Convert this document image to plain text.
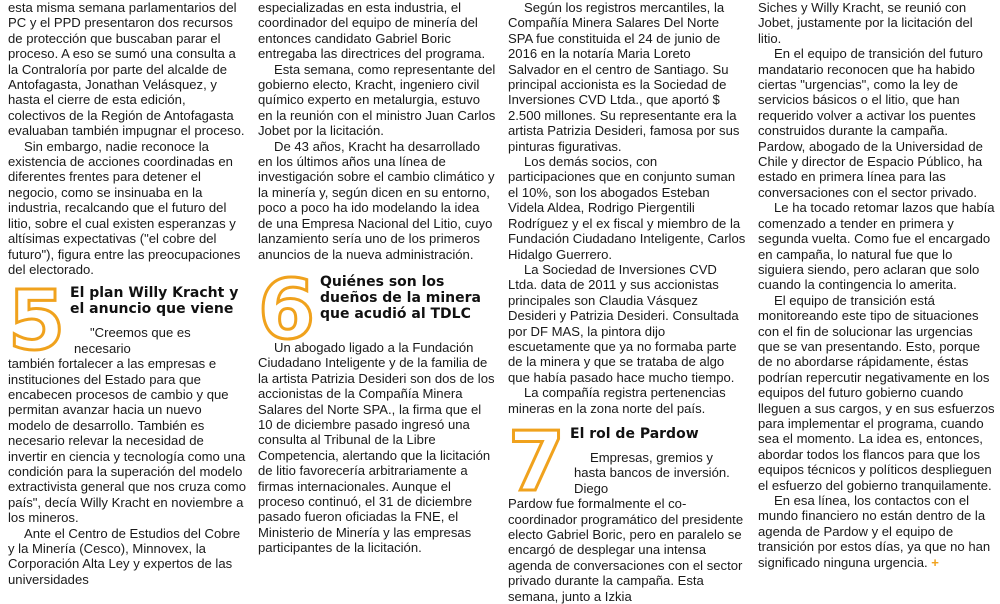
esta misma semana parlamentarios del PC y el PPD presentaron dos recursos de protección que buscaban parar el proceso. A eso se sumó una consulta a la Contraloría por parte del alcalde de Antofagasta, Jonathan Velásquez, y hasta el cierre de esta edición, colectivos de la Región de Antofagasta evaluaban también impugnar el proceso.

Sin embargo, nadie reconoce la existencia de acciones coordinadas en diferentes frentes para detener el negocio, como se insinuaba en la industria, recalcando que el futuro del litio, sobre el cual existen esperanzas y altísimas expectativas ("el cobre del futuro"), figura entre las preocupaciones del electorado.

5 El plan Willy Kracht y el anuncio que viene

"Creemos que es necesario

también fortalecer a las empresas e instituciones del Estado para que encabecen procesos de cambio y que permitan avanzar hacia un nuevo modelo de desarrollo. También es necesario relevar la necesidad de invertir en ciencia y tecnología como una condición para la superación del modelo extractivista general que nos cruza como país", decía Willy Kracht en noviembre a los mineros.

Ante el Centro de Estudios del Cobre y la Minería (Cesco), Minnovex, la Corporación Alta Ley y expertos de las universidades

especializadas en esta industria, el coordinador del equipo de minería del entonces candidato Gabriel Boric entregaba las directrices del programa.

Esta semana, como representante del gobierno electo, Kracht, ingeniero civil químico experto en metalurgia, estuvo en la reunión con el ministro Juan Carlos Jobet por la licitación.

De 43 años, Kracht ha desarrollado en los últimos años una línea de investigación sobre el cambio climático y la minería y, según dicen en su entorno, poco a poco ha ido modelando la idea de una Empresa Nacional del Litio, cuyo lanzamiento sería uno de los primeros anuncios de la nueva administración.

6 Quiénes son los dueños de la minera que acudió al TDLC

Un abogado ligado a la Fundación Ciudadano Inteligente y de la familia de la artista Patrizia Desideri son dos de los accionistas de la Compañía Minera Salares del Norte SPA., la firma que el 10 de diciembre pasado ingresó una consulta al Tribunal de la Libre Competencia, alertando que la licitación de litio favorecería arbitrariamente a firmas internacionales. Aunque el proceso continuó, el 31 de diciembre pasado fueron oficiadas la FNE, el Ministerio de Minería y las empresas participantes de la licitación.

Según los registros mercantiles, la Compañía Minera Salares Del Norte SPA fue constituida el 24 de junio de 2016 en la notaría Maria Loreto Salvador en el centro de Santiago. Su principal accionista es la Sociedad de Inversiones CVD Ltda., que aportó $ 2.500 millones. Su representante era la artista Patrizia Desideri, famosa por sus pinturas figurativas.

Los demás socios, con participaciones que en conjunto suman el 10%, son los abogados Esteban Videla Aldea, Rodrigo Piergentili Rodríguez y el ex fiscal y miembro de la Fundación Ciudadano Inteligente, Carlos Hidalgo Guerrero.

La Sociedad de Inversiones CVD Ltda. data de 2011 y sus accionistas principales son Claudia Vásquez Desideri y Patrizia Desideri. Consultada por DF MAS, la pintora dijo escuetamente que ya no formaba parte de la minera y que se trataba de algo que había pasado hace mucho tiempo.

La compañía registra pertenencias mineras en la zona norte del país.

7 El rol de Pardow

Empresas, gremios y hasta bancos de inversión. Diego

Pardow fue formalmente el co-coordinador programático del presidente electo Gabriel Boric, pero en paralelo se encargó de desplegar una intensa agenda de conversaciones con el sector privado durante la campaña. Esta semana, junto a Izkia

Siches y Willy Kracht, se reunió con Jobet, justamente por la licitación del litio.

En el equipo de transición del futuro mandatario reconocen que ha habido ciertas "urgencias", como la ley de servicios básicos o el litio, que han requerido volver a activar los puentes construidos durante la campaña. Pardow, abogado de la Universidad de Chile y director de Espacio Público, ha estado en primera línea para las conversaciones con el sector privado.

Le ha tocado retomar lazos que había comenzado a tender en primera y segunda vuelta. Como fue el encargado en campaña, lo natural fue que lo siguiera siendo, pero aclaran que solo cuando la contingencia lo amerita.

El equipo de transición está monitoreando este tipo de situaciones con el fin de solucionar las urgencias que se van presentando. Esto, porque de no abordarse rápidamente, éstas podrían repercutir negativamente en los equipos del futuro gobierno cuando lleguen a sus cargos, y en sus esfuerzos para implementar el programa, cuando sea el momento. La idea es, entonces, abordar todos los flancos para que los equipos técnicos y políticos desplieguen el esfuerzo del gobierno tranquilamente.

En esa línea, los contactos con el mundo financiero no están dentro de la agenda de Pardow y el equipo de transición por estos días, ya que no han significado ninguna urgencia. +
